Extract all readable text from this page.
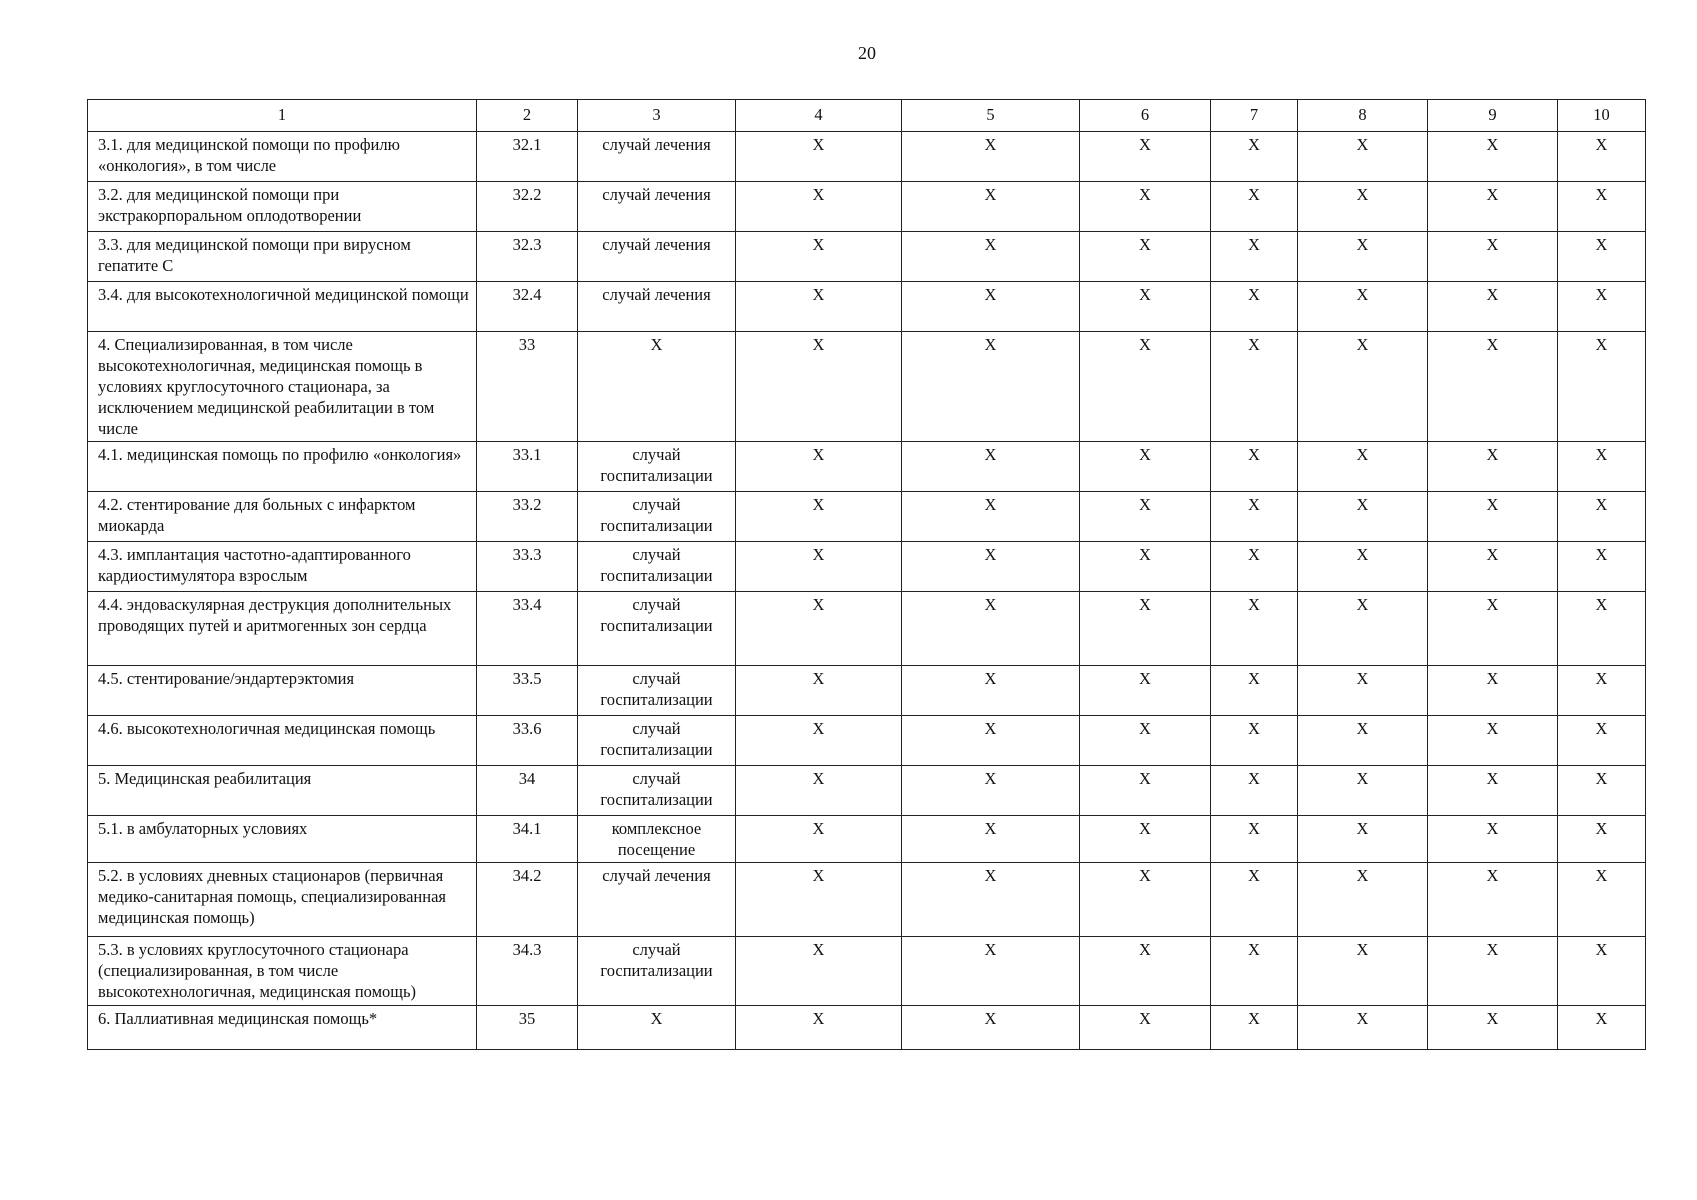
20
1	2	3	4	5	6	7	8	9	10
3.1. для медицинской помощи по профилю «онкология», в том числе	32.1	случай лечения	X	X	X	X	X	X	X
3.2. для медицинской помощи при экстракорпоральном оплодотворении	32.2	случай лечения	X	X	X	X	X	X	X
3.3. для медицинской помощи при вирусном гепатите С	32.3	случай лечения	X	X	X	X	X	X	X
3.4. для высокотехнологичной медицинской помощи	32.4	случай лечения	X	X	X	X	X	X	X
4. Специализированная, в том числе высокотехнологичная, медицинская помощь в условиях круглосуточного стационара, за исключением медицинской реабилитации в том числе	33	X	X	X	X	X	X	X	X
4.1. медицинская помощь по профилю «онкология»	33.1	случай госпитализации	X	X	X	X	X	X	X
4.2. стентирование для больных с инфарктом миокарда	33.2	случай госпитализации	X	X	X	X	X	X	X
4.3. имплантация частотно-адаптированного кардиостимулятора взрослым	33.3	случай госпитализации	X	X	X	X	X	X	X
4.4. эндоваскулярная деструкция дополнительных проводящих путей и аритмогенных зон сердца	33.4	случай госпитализации	X	X	X	X	X	X	X
4.5. стентирование/эндартерэктомия	33.5	случай госпитализации	X	X	X	X	X	X	X
4.6. высокотехнологичная медицинская помощь	33.6	случай госпитализации	X	X	X	X	X	X	X
5. Медицинская реабилитация	34	случай госпитализации	X	X	X	X	X	X	X
5.1. в амбулаторных условиях	34.1	комплексное посещение	X	X	X	X	X	X	X
5.2. в условиях дневных стационаров (первичная медико-санитарная помощь, специализированная медицинская помощь)	34.2	случай лечения	X	X	X	X	X	X	X
5.3. в условиях круглосуточного стационара (специализированная, в том числе высокотехнологичная, медицинская помощь)	34.3	случай госпитализации	X	X	X	X	X	X	X
6. Паллиативная медицинская помощь*	35	X	X	X	X	X	X	X	X
